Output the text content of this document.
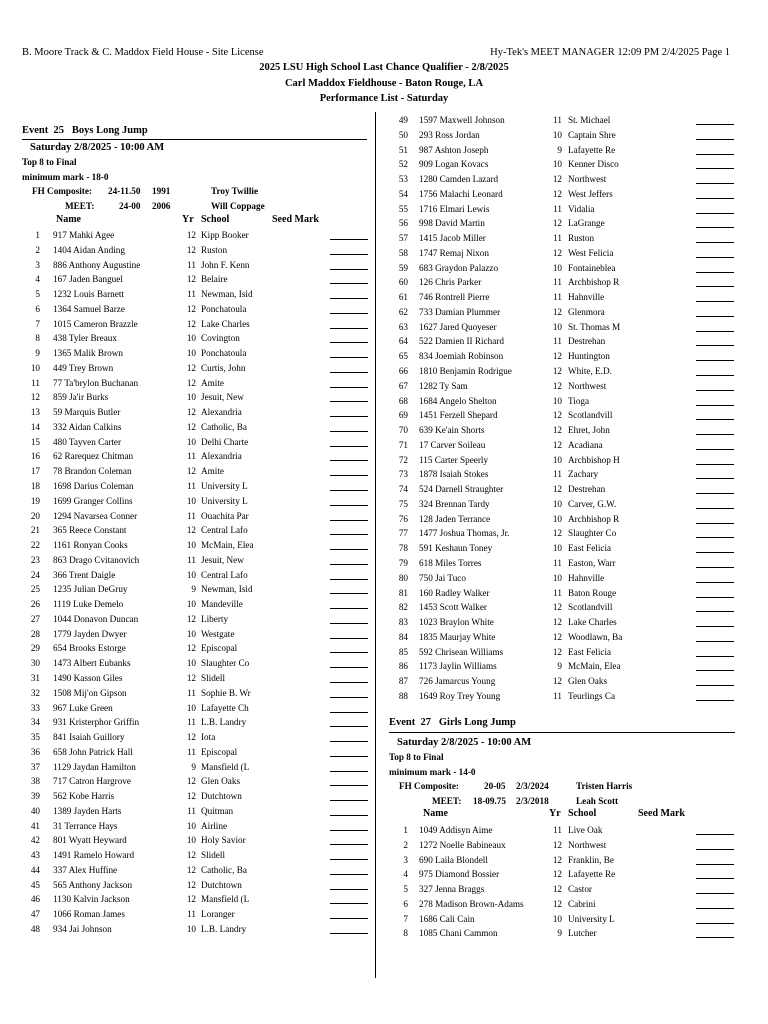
B. Moore Track & C. Maddox Field House - Site License	Hy-Tek's MEET MANAGER 12:09 PM 2/4/2025 Page 1
2025 LSU High School Last Chance Qualifier - 2/8/2025
Carl Maddox Fieldhouse - Baton Rouge, LA
Performance List - Saturday
Event  25   Boys Long Jump
Saturday 2/8/2025 - 10:00 AM
Top 8 to Final
minimum mark - 18-0
FH Composite: 24-11.50 1991	Troy Twillie
MEET:	24-00 2006	Will Coppage
Name	Yr School	Seed Mark
1 917 Mahki Agee	12 Kipp Booker
2 1404 Aidan Anding	12 Ruston
3 886 Anthony Augustine	11 John F. Kenn
4 167 Jaden Banguel	12 Belaire
5 1232 Louis Barnett	11 Newman, Isid
6 1364 Samuel Barze	12 Ponchatoula
7 1015 Cameron Brazzle	12 Lake Charles
8 438 Tyler Breaux	10 Covington
9 1365 Malik Brown	10 Ponchatoula
10 449 Trey Brown	12 Curtis, John
11 77 Ta'brylon Buchanan	12 Amite
12 859 Ja'ir Burks	10 Jesuit, New
13 59 Marquis Butler	12 Alexandria
14 332 Aidan Calkins	12 Catholic, Ba
15 480 Tayven Carter	10 Delhi Charte
16 62 Rarequez Chitman	11 Alexandria
17 78 Brandon Coleman	12 Amite
18 1698 Darius Coleman	11 University L
19 1699 Granger Collins	10 University L
20 1294 Navarsea Conner	11 Ouachita Par
21 365 Reece Constant	12 Central Lafo
22 1161 Ronyan Cooks	10 McMain, Elea
23 863 Drago Cvitanovich	11 Jesuit, New
24 366 Trent Daigle	10 Central Lafo
25 1235 Julian DeGruy	9 Newman, Isid
26 1119 Luke Demelo	10 Mandeville
27 1044 Donavon Duncan	12 Liberty
28 1779 Jayden Dwyer	10 Westgate
29 654 Brooks Estorge	12 Episcopal
30 1473 Albert Eubanks	10 Slaughter Co
31 1490 Kasson Giles	12 Slidell
32 1508 Mij'on Gipson	11 Sophie B. Wr
33 967 Luke Green	10 Lafayette Ch
34 931 Kristerphor Griffin	11 L.B. Landry
35 841 Isaiah Guillory	12 Iota
36 658 John Patrick Hall	11 Episcopal
37 1129 Jaydan Hamilton	9 Mansfield (L
38 717 Catron Hargrove	12 Glen Oaks
39 562 Kobe Harris	12 Dutchtown
40 1389 Jayden Harts	11 Quitman
41 31 Terrance Hays	10 Airline
42 801 Wyatt Heyward	10 Holy Savior
43 1491 Ramelo Howard	12 Slidell
44 337 Alex Huffine	12 Catholic, Ba
45 565 Anthony Jackson	12 Dutchtown
46 1130 Kalvin Jackson	12 Mansfield (L
47 1066 Roman James	11 Loranger
48 934 Jai Johnson	10 L.B. Landry
49 1597 Maxwell Johnson	11 St. Michael
50 293 Ross Jordan	10 Captain Shre
51 987 Ashton Joseph	9 Lafayette Re
52 909 Logan Kovacs	10 Kenner Disco
53 1280 Camden Lazard	12 Northwest
54 1756 Malachi Leonard	12 West Jeffers
55 1716 Elmari Lewis	11 Vidalia
56 998 David Martin	12 LaGrange
57 1415 Jacob Miller	11 Ruston
58 1747 Remaj Nixon	12 West Felicia
59 683 Graydon Palazzo	10 Fontainebleа
60 126 Chris Parker	11 Archbishop R
61 746 Rontrell Pierre	11 Hahnville
62 733 Damian Plummer	12 Glenmora
63 1627 Jared Quoyeser	10 St. Thomas M
64 522 Damien II Richard	11 Destrehan
65 834 Joemiah Robinson	12 Huntington
66 1810 Benjamin Rodrigue	12 White, E.D.
67 1282 Ty Sam	12 Northwest
68 1684 Angelo Shelton	10 Tioga
69 1451 Ferzell Shepard	12 Scotlandvill
70 639 Ke'ain Shorts	12 Ehret, John
71 17 Carver Soileau	12 Acadiana
72 115 Carter Speerly	10 Archbishop H
73 1878 Isaiah Stokes	11 Zachary
74 524 Darnell Straughter	12 Destrehan
75 324 Brennan Tardy	10 Carver, G.W.
76 128 Jaden Terrance	10 Archbishop R
77 1477 Joshua Thomas, Jr.	12 Slaughter Co
78 591 Keshaun Toney	10 East Felicia
79 618 Miles Torres	11 Easton, Warr
80 750 Jai Tuco	10 Hahnville
81 160 Radley Walker	11 Baton Rouge
82 1453 Scott Walker	12 Scotlandvill
83 1023 Braylon White	12 Lake Charles
84 1835 Maurjay White	12 Woodlawn, Ba
85 592 Chrisean Williams	12 East Felicia
86 1173 Jaylin Williams	9 McMain, Elea
87 726 Jamarcus Young	12 Glen Oaks
88 1649 Roy Trey Young	11 Teurlings Ca
Event  27   Girls Long Jump
Saturday 2/8/2025 - 10:00 AM
Top 8 to Final
minimum mark - 14-0
FH Composite:	20-05 2/3/2024	Tristen Harris
MEET: 18-09.75 2/3/2018	Leah Scott
Name	Yr School	Seed Mark
1 1049 Addisyn Aime	11 Live Oak
2 1272 Noelle Babineaux	12 Northwest
3 690 Laila Blondell	12 Franklin, Be
4 975 Diamond Bossier	12 Lafayette Re
5 327 Jenna Braggs	12 Castor
6 278 Madison Brown-Adams	12 Cabrini
7 1686 Cali Cain	10 University L
8 1085 Chani Cammon	9 Lutcher
